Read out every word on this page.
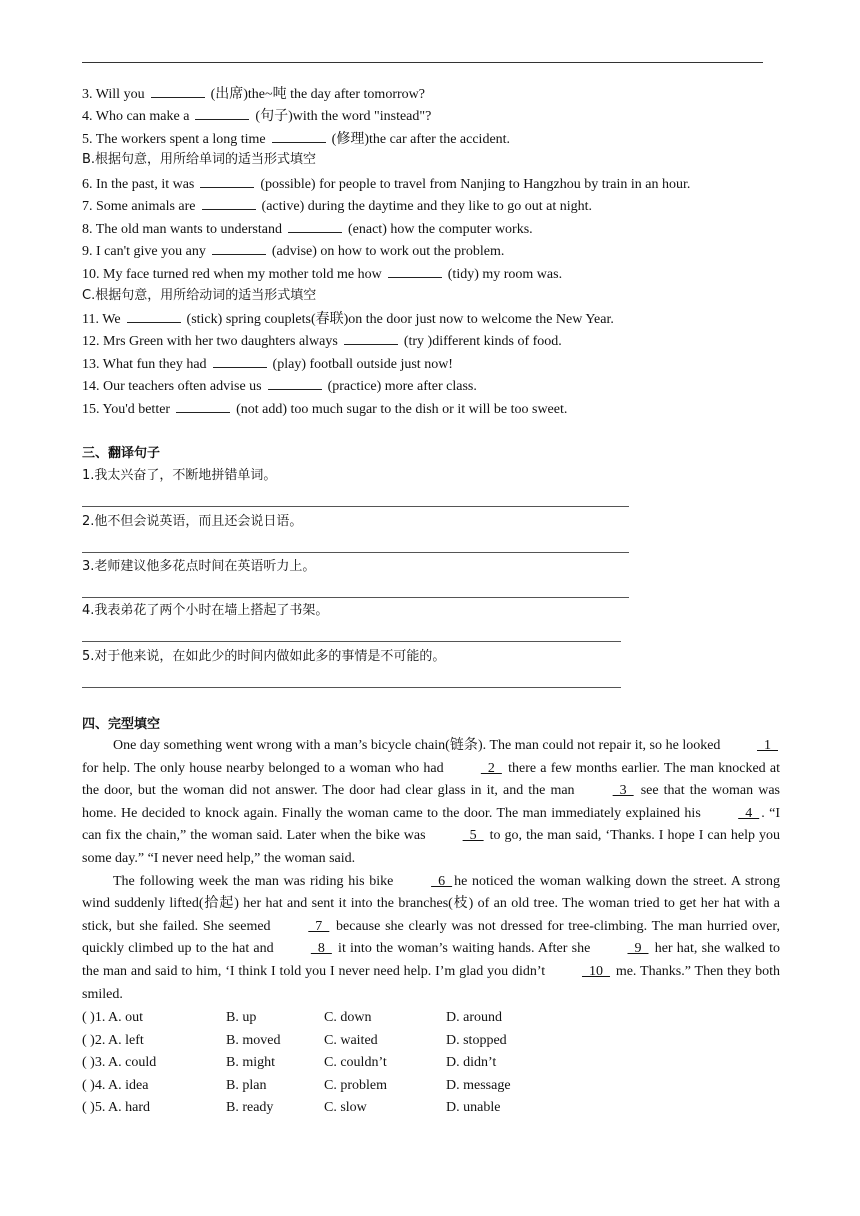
3. Will you	(出席)the~吨 the day after tomorrow?
4. Who can make a	(句子)with the word "instead"?
5. The workers spent a long time	(修理)the car after the accident.
6. In the past, it was	(possible) for people to travel from Nanjing to Hangzhou by train in an hour.
7. Some animals are	(active) during the daytime and they like to go out at night.
8. The old man wants to understand	(enact) how the computer works.
9. I can't give you any	(advise) on how to work out the problem.
10. My face turned red when my mother told me how	(tidy) my room was.
11. We	(stick) spring couplets(春联)on the door just now to welcome the New Year.
12. Mrs Green with her two daughters always	(try )different kinds of food.
13. What fun they had	(play) football outside just now!
14. Our teachers often advise us	(practice) more after class.
15. You'd better	(not add) too much sugar to the dish or it will be too sweet.
B.根据句意，用所给单词的适当形式填空
C.根据句意，用所给动词的适当形式填空
三、翻译句子
1.我太兴奋了，不断地拼错单词。
2.他不但会说英语，而且还会说日语。
3.老师建议他多花点时间在英语听力上。
4.我表弟花了两个小时在墙上搭起了书架。
5.对于他来说，在如此少的时间内做如此多的事情是不可能的。
四、完型填空

One day something went wrong with a man’s bicycle chain(链条). The man could not repair it, so he looked  1  for help. The only house nearby belonged to a woman who had  2  there a few months earlier. The man knocked at the door, but the woman did not answer. The door had clear glass in it, and the man  3  see that the woman was home. He decided to knock again. Finally the woman came to the door. The man immediately explained his  4 . “I can fix the chain,” the woman said. Later when the bike was  5  to go, the man said, ‘Thanks. I hope I can help you some day.” “I never need help,” the woman said.

The following week the man was riding his bike  6 he noticed the woman walking down the street. A strong wind suddenly lifted(拾起) her hat and sent it into the branches(枝) of an old tree. The woman tried to get her hat with a stick, but she failed. She seemed  7  because she clearly was not dressed for tree-climbing. The man hurried over, quickly climbed up to the hat and  8  it into the woman’s waiting hands. After she  9  her hat, she walked to the man and said to him, ‘I think I told you I never need help. I’m glad you didn’t  10  me. Thanks.” Then they both smiled.

( )1. A. out	B. up	C. down	D. around
( )2. A. left	B. moved	C. waited	D. stopped
( )3. A. could	B. might	C. couldn’t	D. didn’t
( )4. A. idea	B. plan	C. problem	D. message
( )5. A. hard	B. ready	C. slow	D. unable
